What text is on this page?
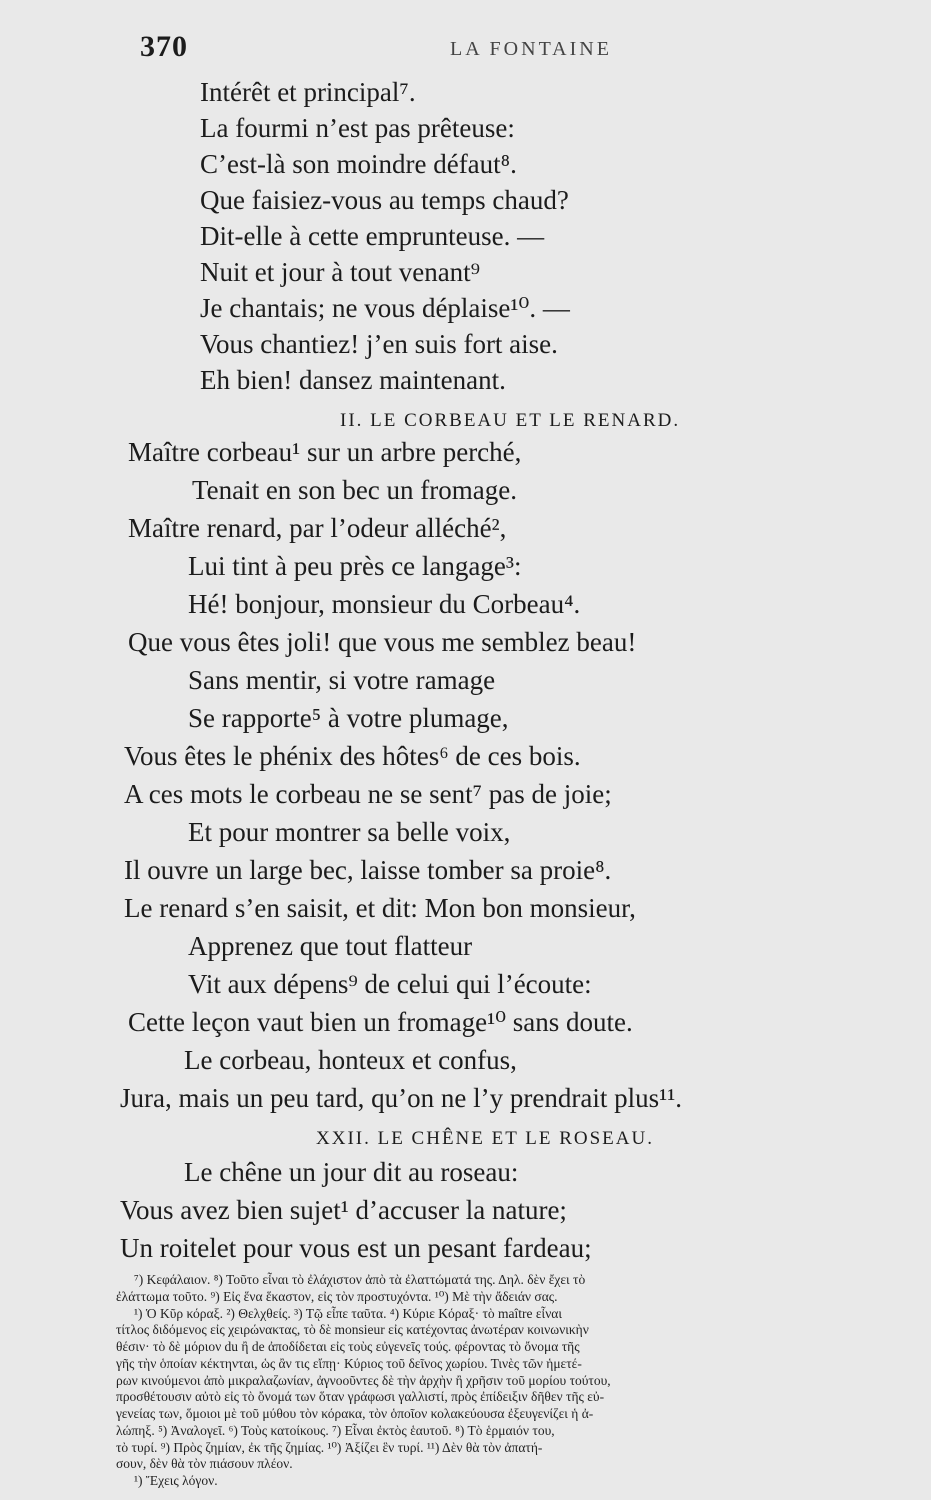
370	LA FONTAINE
Intérêt et principal⁷.
La fourmi n’est pas prêteuse:
C’est-là son moindre défaut⁸.
Que faisiez-vous au temps chaud?
Dit-elle à cette emprunteuse. —
Nuit et jour à tout venant⁹
Je chantais; ne vous déplaise¹⁰. —
Vous chantiez! j’en suis fort aise.
Eh bien! dansez maintenant.
II. LE CORBEAU ET LE RENARD.
Maître corbeau¹ sur un arbre perché,
Tenait en son bec un fromage.
Maître renard, par l’odeur alléché²,
Lui tint à peu près ce langage³:
Hé! bonjour, monsieur du Corbeau⁴.
Que vous êtes joli! que vous me semblez beau!
Sans mentir, si votre ramage
Se rapporte⁵ à votre plumage,
Vous êtes le phénix des hôtes⁶ de ces bois.
A ces mots le corbeau ne se sent⁷ pas de joie;
Et pour montrer sa belle voix,
Il ouvre un large bec, laisse tomber sa proie⁸.
Le renard s’en saisit, et dit: Mon bon monsieur,
Apprenez que tout flatteur
Vit aux dépens⁹ de celui qui l’écoute:
Cette leçon vaut bien un fromage¹⁰ sans doute.
Le corbeau, honteux et confus,
Jura, mais un peu tard, qu’on ne l’y prendrait plus¹¹.
XXII. LE CHÊNE ET LE ROSEAU.
Le chêne un jour dit au roseau:
Vous avez bien sujet¹ d’accuser la nature;
Un roitelet pour vous est un pesant fardeau;
⁷) Κεφάλαιον. ⁸) Τοῦτο εἶναι τὸ ἐλάχιστον ἀπὸ τὰ ἐλαττώματά της. Δηλ. δὲν ἔχει τὸ
ἐλάττωμα τοῦτο. ⁹) Εἰς ἕνα ἕκαστον, εἰς τὸν προστυχόντα. ¹⁰) Μὲ τὴν ἄδειάν σας.
¹) Ὁ Κῦρ κόραξ. ²) Θελχθείς. ³) Τῷ εἶπε ταῦτα. ⁴) Κύριε Κόραξ· τὸ maître εἶναι
τίτλος διδόμενος εἰς χειρώνακτας, τὸ δὲ monsieur εἰς κατέχοντας ἀνωτέραν κοινωνικὴν
θέσιν· τὸ δὲ μόριον du ἢ de ἀποδίδεται εἰς τοὺς εὐγενεῖς τούς. φέροντας τὸ ὄνομα τῆς
γῆς τὴν ὁποίαν κέκτηνται, ὡς ἂν τις εἴπῃ· Κύριος τοῦ δεῖνος χωρίου. Τινὲς τῶν ἡμετέ-
ρων κινούμενοι ἀπὸ μικραλαζωνίαν, ἀγνοοῦντες δὲ τὴν ἀρχὴν ἢ χρῆσιν τοῦ μορίου τούτου,
προσθέτουσιν αὐτὸ εἰς τὸ ὄνομά των ὅταν γράφωσι γαλλιστί, πρὸς ἐπίδειξιν δῆθεν τῆς εὐ-
γενείας των, ὅμοιοι μὲ τοῦ μύθου τὸν κόρακα, τὸν ὁποῖον κολακεύουσα ἐξευγενίζει ἡ ἀ-
λώπηξ. ⁵) Ἀναλογεῖ. ⁶) Τοὺς κατοίκους. ⁷) Εἶναι ἐκτὸς ἑαυτοῦ. ⁸) Τὸ ἑρμαιόν του,
τὸ τυρί. ⁹) Πρὸς ζημίαν, ἐκ τῆς ζημίας. ¹⁰) Ἀξίζει ἓν τυρί. ¹¹) Δὲν θὰ τὸν ἀπατή-
σουν, δὲν θὰ τὸν πιάσουν πλέον.
¹) Ἔχεις λόγον.
